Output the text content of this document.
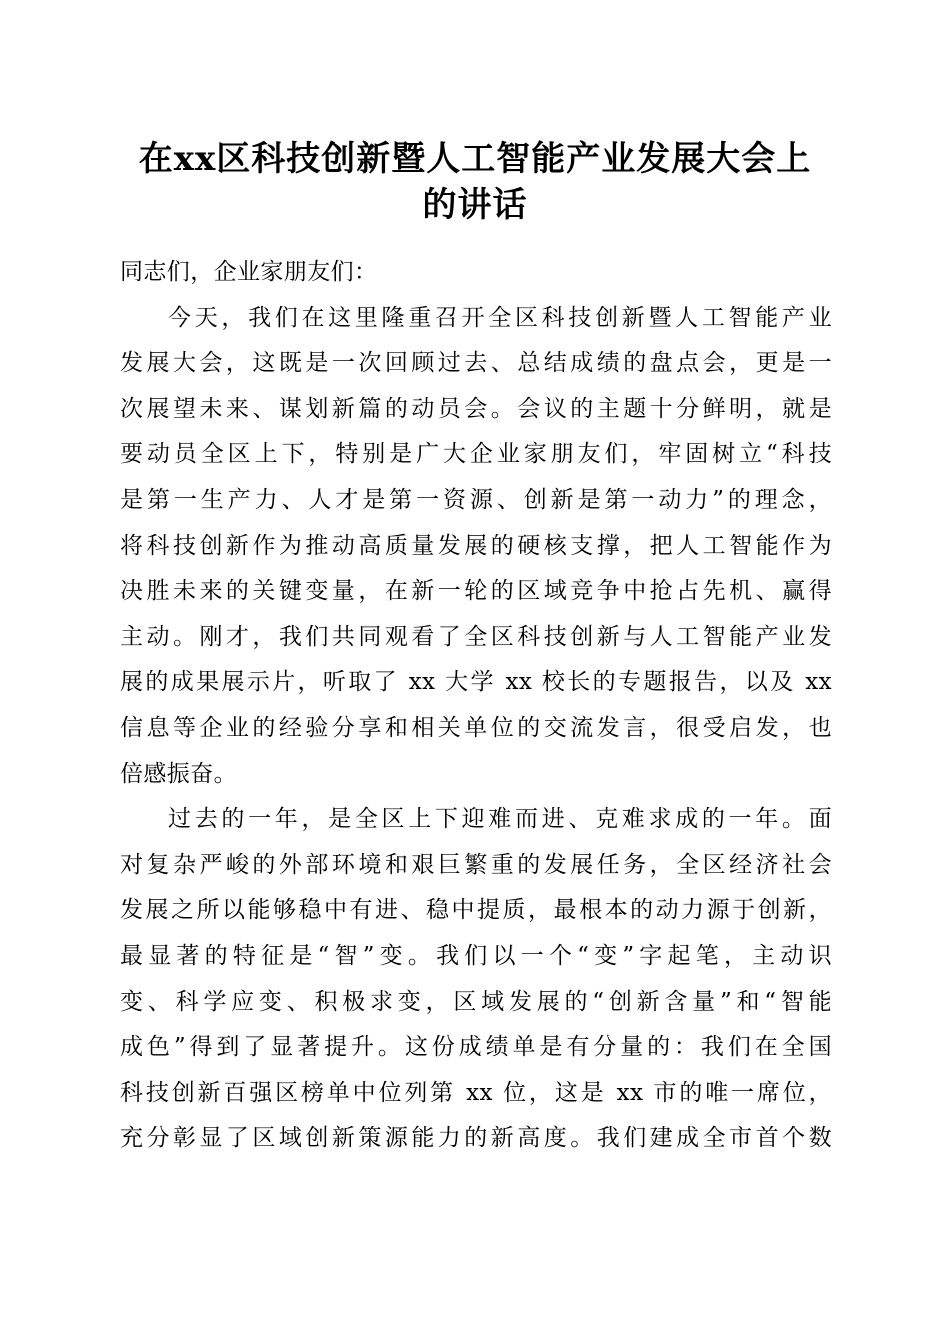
在xx区科技创新暨人工智能产业发展大会上
的讲话
同志们，企业家朋友们：
今天，我们在这里隆重召开全区科技创新暨人工智能产业
发展大会，这既是一次回顾过去、总结成绩的盘点会，更是一
次展望未来、谋划新篇的动员会。会议的主题十分鲜明，就是
要动员全区上下，特别是广大企业家朋友们，牢固树立“科技
是第一生产力、人才是第一资源、创新是第一动力”的理念，
将科技创新作为推动高质量发展的硬核支撑，把人工智能作为
决胜未来的关键变量，在新一轮的区域竞争中抢占先机、赢得
主动。刚才，我们共同观看了全区科技创新与人工智能产业发
展的成果展示片，听取了 xx 大学 xx 校长的专题报告，以及 xx
信息等企业的经验分享和相关单位的交流发言，很受启发，也
倍感振奋。
过去的一年，是全区上下迎难而进、克难求成的一年。面
对复杂严峻的外部环境和艰巨繁重的发展任务，全区经济社会
发展之所以能够稳中有进、稳中提质，最根本的动力源于创新，
最显著的特征是“智”变。我们以一个“变”字起笔，主动识
变、科学应变、积极求变，区域发展的“创新含量”和“智能
成色”得到了显著提升。这份成绩单是有分量的：我们在全国
科技创新百强区榜单中位列第 xx 位，这是 xx 市的唯一席位，
充分彰显了区域创新策源能力的新高度。我们建成全市首个数
